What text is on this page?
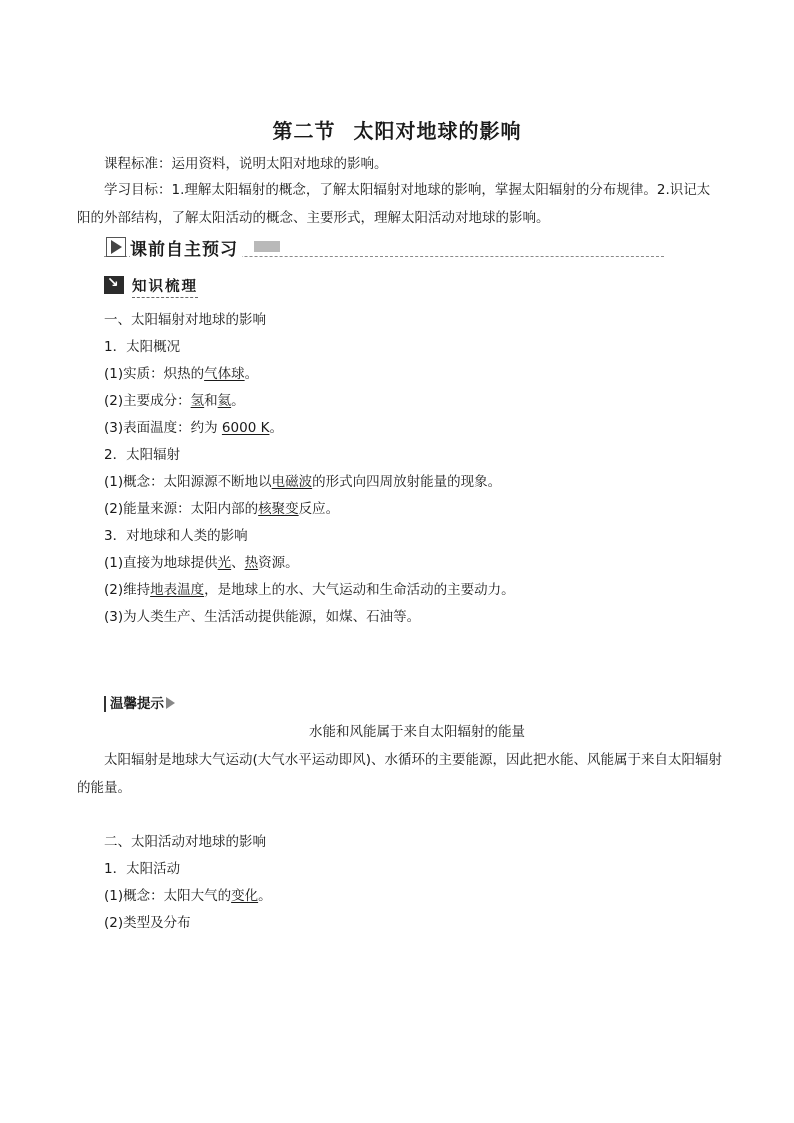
第二节 太阳对地球的影响
课程标准：运用资料，说明太阳对地球的影响。
学习目标：1.理解太阳辐射的概念，了解太阳辐射对地球的影响，掌握太阳辐射的分布规律。2.识记太阳的外部结构，了解太阳活动的概念、主要形式，理解太阳活动对地球的影响。
课前自主预习
↘
知识梳理
一、太阳辐射对地球的影响
1．太阳概况
(1)实质：炽热的气体球。
(2)主要成分：氢和氦。
(3)表面温度：约为 6000 K。
2．太阳辐射
(1)概念：太阳源源不断地以电磁波的形式向四周放射能量的现象。
(2)能量来源：太阳内部的核聚变反应。
3．对地球和人类的影响
(1)直接为地球提供光、热资源。
(2)维持地表温度，是地球上的水、大气运动和生命活动的主要动力。
(3)为人类生产、生活活动提供能源，如煤、石油等。
温馨提示
水能和风能属于来自太阳辐射的能量
太阳辐射是地球大气运动(大气水平运动即风)、水循环的主要能源，因此把水能、风能属于来自太阳辐射的能量。
二、太阳活动对地球的影响
1．太阳活动
(1)概念：太阳大气的变化。
(2)类型及分布
